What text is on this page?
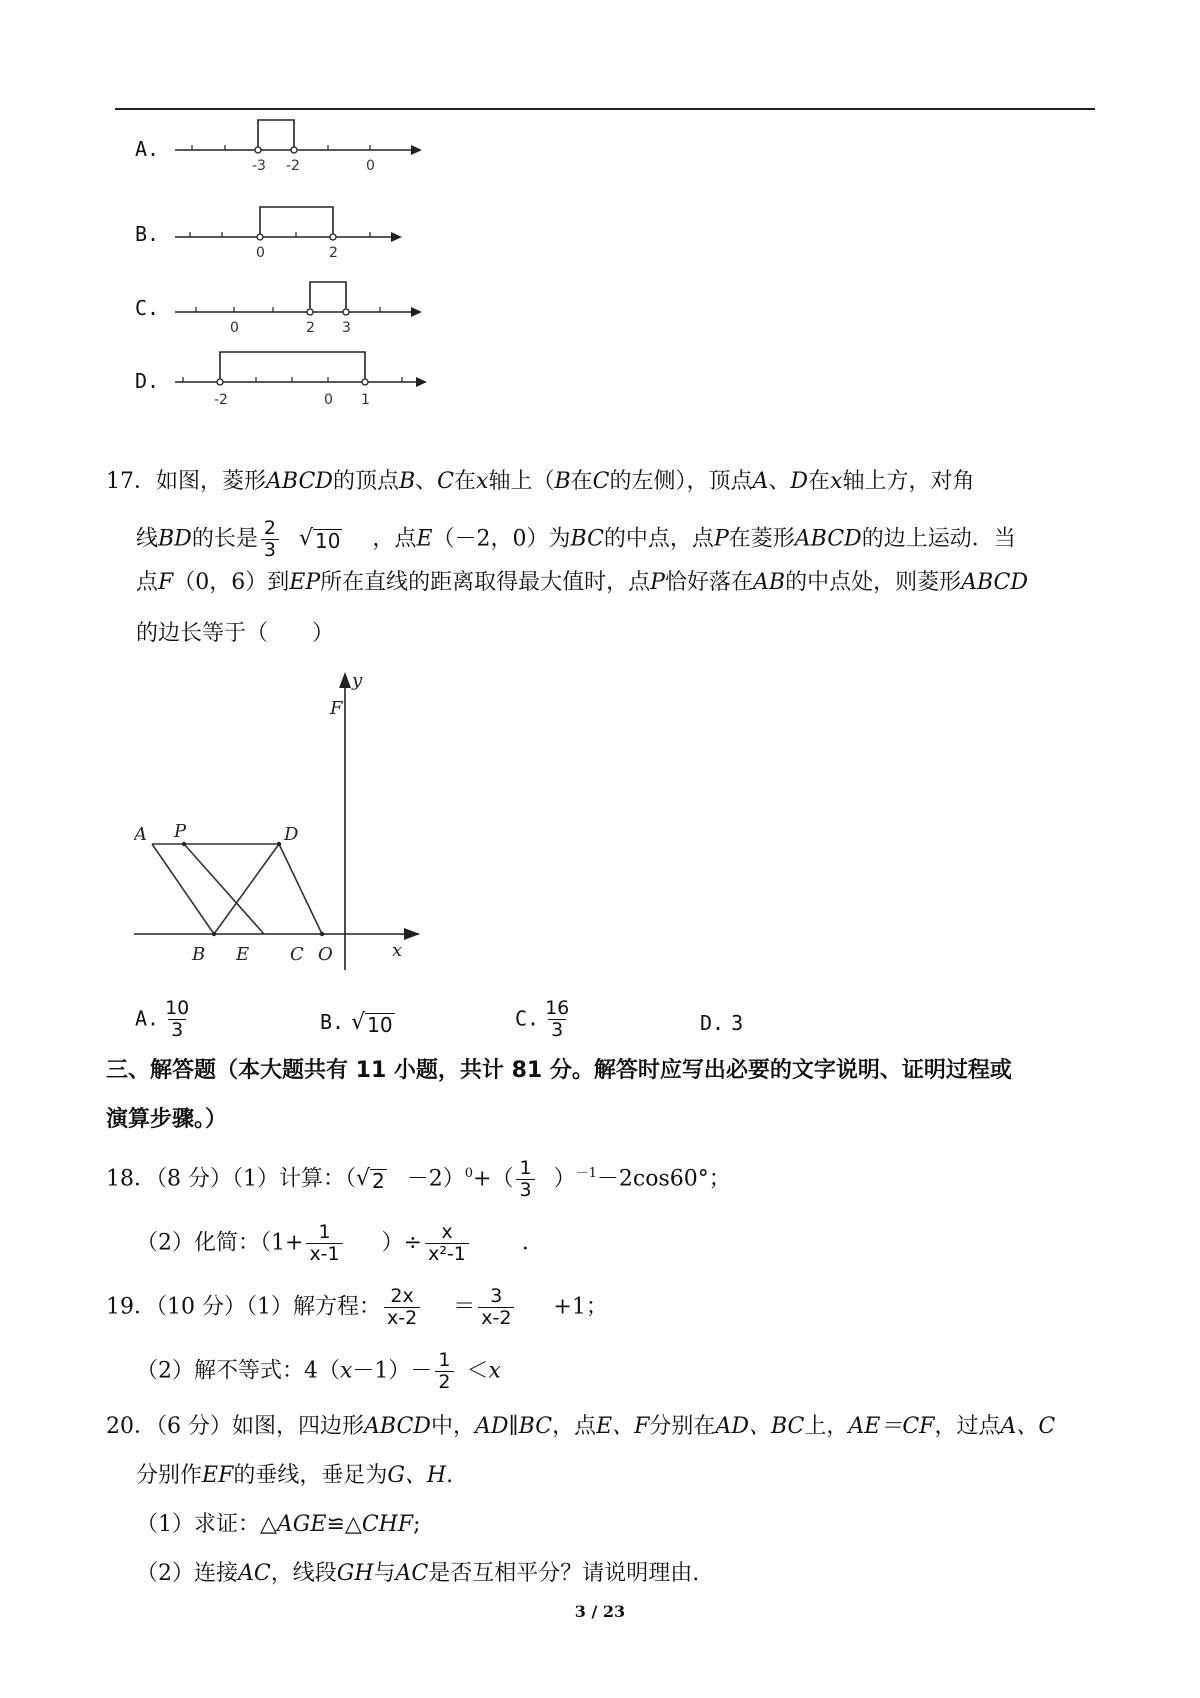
A.
-3 -2	0
B.
0	2
C.
0	2 3
D.
-2	0 1
17．如图，菱形ABCD的顶点B、C在x轴上（B在C的左侧），顶点A、D在x轴上方，对角
线BD的长是 $\frac{2}{3}$
√ 10 ，点E（－2，0）为BC的中点，点P在菱形ABCD的边上运动．当
点F（0，6）到EP所在直线的距离取得最大值时，点P恰好落在AB的中点处，则菱形ABCD
的边长等于（　　）
y
F
A P	D
B E C O	x
A. $\frac{10}{3}$	B. √ 10	C. $\frac{16}{3}$	D. 3
三、解答题（本大题共有 11 小题，共计 81 分。解答时应写出必要的文字说明、证明过程或
演算步骤。）
18．（8 分）（1）计算：（ √ $2 -2)^0+( \frac{1}{3} )^{-1}-2\cos 60^\circ$；
（2）化简：（$1+ \frac{1}{x-1}$ ）÷ $\frac{x}{\text{x²-1}}$ ．
19．（10 分）（1）解方程： $\frac{2x}{x-2} = \frac{3}{x-2} +1$；
（2）解不等式：$4(x-1)- \frac{1}{2} <x$
20．（6 分）如图，四边形ABCD中，AD∥BC，点E、F分别在AD、BC上，AE＝CF，过点A、C
分别作EF的垂线，垂足为G、H.
（1）求证：△AGE≌△CHF;
（2）连接AC，线段GH与AC是否互相平分？请说明理由.
3 / 23
